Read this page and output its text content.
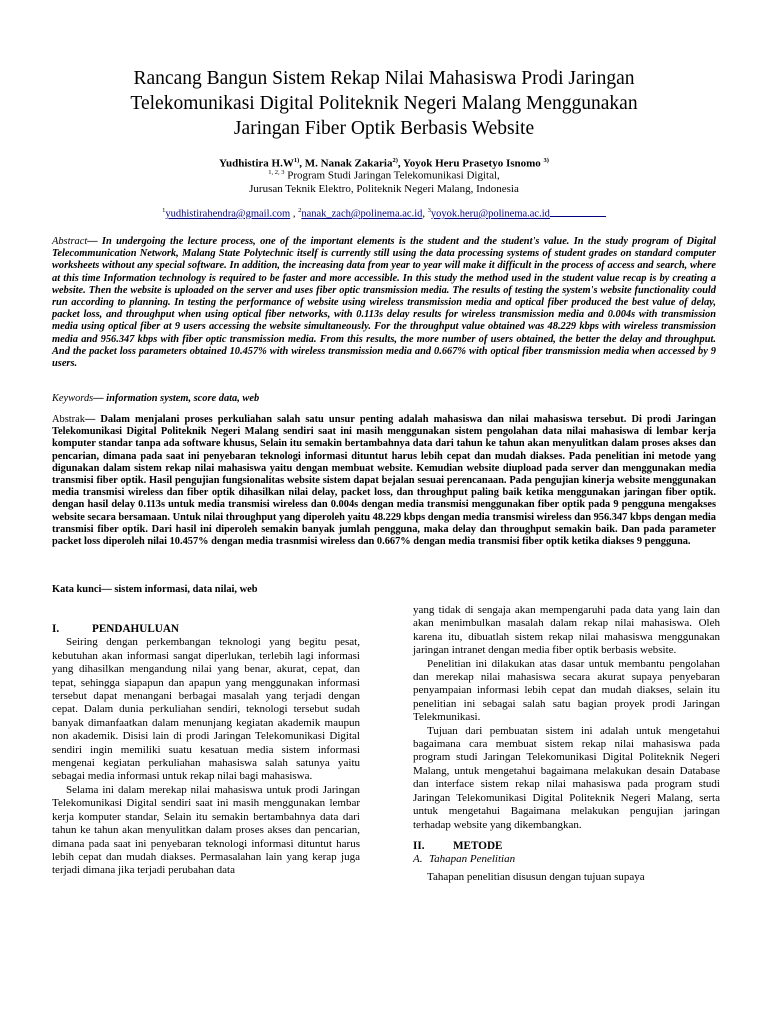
Rancang Bangun Sistem Rekap Nilai Mahasiswa Prodi Jaringan
Telekomunikasi Digital Politeknik Negeri Malang Menggunakan
Jaringan Fiber Optik Berbasis Website
Yudhistira $H.W^{1)}$, M. Nanak Zakaria$^{2)}$, Yoyok Heru Prasetyo Isnomo $^{3)}$
$^{1, 2, 3}$ Program Studi Jaringan Telekomunikasi Digital,
Jurusan Teknik Elektro, Politeknik Negeri Malang, Indonesia
$^1$yudhistirahendra@gmail.com , $^2$nanak_zach@polinema.ac.id, $^3$yoyok.heru@polinema.ac.id
Abstract— In undergoing the lecture process, one of the important elements is the student and the student's value. In the study program of Digital Telecommunication Network, Malang State Polytechnic itself is currently still using the data processing systems of student grades on standard computer worksheets without any special software. In addition, the increasing data from year to year will make it difficult in the process of access and search, where at this time Information technology is required to be faster and more accessible. In this study the method used in the student value recap is by creating a website. Then the website is uploaded on the server and uses fiber optic transmission media. The results of testing the system's website functionality could run according to planning. In testing the performance of website using wireless transmission media and optical fiber produced the best value of delay, packet loss, and throughput when using optical fiber networks, with 0.113s delay results for wireless transmission media and 0.004s with transmission media using optical fiber at 9 users accessing the website simultaneously. For the throughput value obtained was 48.229 kbps with wireless transmission media and 956.347 kbps with fiber optic transmission media. From this results, the more number of users obtained, the better the delay and throughput. And the packet loss parameters obtained 10.457% with wireless transmission media and 0.667% with optical fiber transmission media when accessed by 9 users.
Keywords— information system, score data, web
Abstrak— Dalam menjalani proses perkuliahan salah satu unsur penting adalah mahasiswa dan nilai mahasiswa tersebut. Di prodi Jaringan Telekomunikasi Digital Politeknik Negeri Malang sendiri saat ini masih menggunakan sistem pengolahan data nilai mahasiswa di lembar kerja komputer standar tanpa ada software khusus, Selain itu semakin bertambahnya data dari tahun ke tahun akan menyulitkan dalam proses akses dan pencarian, dimana pada saat ini penyebaran teknologi informasi dituntut harus lebih cepat dan mudah diakses. Pada penelitian ini metode yang digunakan dalam sistem rekap nilai mahasiswa yaitu dengan membuat website. Kemudian website diupload pada server dan menggunakan media transmisi fiber optik. Hasil pengujian fungsionalitas website sistem dapat bejalan sesuai perencanaan. Pada pengujian kinerja website menggunakan media transmisi wireless dan fiber optik dihasilkan nilai delay, packet loss, dan throughput paling baik ketika menggunakan jaringan fiber optik. dengan hasil delay 0.113s untuk media transmisi wireless dan 0.004s dengan media transmisi menggunakan fiber optik pada 9 pengguna mengakses website secara bersamaan. Untuk nilai throughput yang diperoleh yaitu 48.229 kbps dengan media transmisi wireless dan 956.347 kbps dengan media transmisi fiber optik. Dari hasil ini diperoleh semakin banyak jumlah pengguna, maka delay dan throughput semakin baik. Dan pada parameter packet loss diperoleh nilai 10.457% dengan media trasnmisi wireless dan 0.667% dengan media transmisi fiber optik ketika diakses 9 pengguna.
Kata kunci— sistem informasi, data nilai, web
I.	PENDAHULUAN

Seiring dengan perkembangan teknologi yang begitu pesat, kebutuhan akan informasi sangat diperlukan, terlebih lagi informasi yang dihasilkan mengandung nilai yang benar, akurat, cepat, dan tepat, sehingga siapapun dan apapun yang menggunakan informasi tersebut dapat menangani berbagai masalah yang terjadi dengan cepat. Dalam dunia perkuliahan sendiri, teknologi tersebut sudah banyak dimanfaatkan dalam menunjang kegiatan akademik maupun non akademik. Disisi lain di prodi Jaringan Telekomunikasi Digital sendiri ingin memiliki suatu kesatuan media sistem informasi mengenai kegiatan perkuliahan mahasiswa salah satunya yaitu sebagai media informasi untuk rekap nilai bagi mahasiswa.

Selama ini dalam merekap nilai mahasiswa untuk prodi Jaringan Telekomunikasi Digital sendiri saat ini masih menggunakan lembar kerja komputer standar, Selain itu semakin bertambahnya data dari tahun ke tahun akan menyulitkan dalam proses akses dan pencarian, dimana pada saat ini penyebaran teknologi informasi dituntut harus lebih cepat dan mudah diakses. Permasalahan lain yang kerap juga terjadi dimana jika terjadi perubahan data

yang tidak di sengaja akan mempengaruhi pada data yang lain dan akan menimbulkan masalah dalam rekap nilai mahasiswa. Oleh karena itu, dibuatlah sistem rekap nilai mahasiswa menggunakan jaringan intranet dengan media fiber optik berbasis website.

Penelitian ini dilakukan atas dasar untuk membantu pengolahan dan merekap nilai mahasiswa secara akurat supaya penyebaran penyampaian informasi lebih cepat dan mudah diakses, selain itu penelitian ini sebagai salah satu bagian proyek prodi Jaringan Telekmunikasi.

Tujuan dari pembuatan sistem ini adalah untuk mengetahui bagaimana cara membuat sistem rekap nilai mahasiswa pada program studi Jaringan Telekomunikasi Digital Politeknik Negeri Malang, untuk mengetahui bagaimana melakukan desain Database dan interface sistem rekap nilai mahasiswa pada program studi Jaringan Telekomunikasi Digital Politeknik Negeri Malang, serta untuk mengetahui Bagaimana melakukan pengujian jaringan terhadap website yang dikembangkan.

II.	METODE
A. Tahapan Penelitian

Tahapan penelitian disusun dengan tujuan supaya
